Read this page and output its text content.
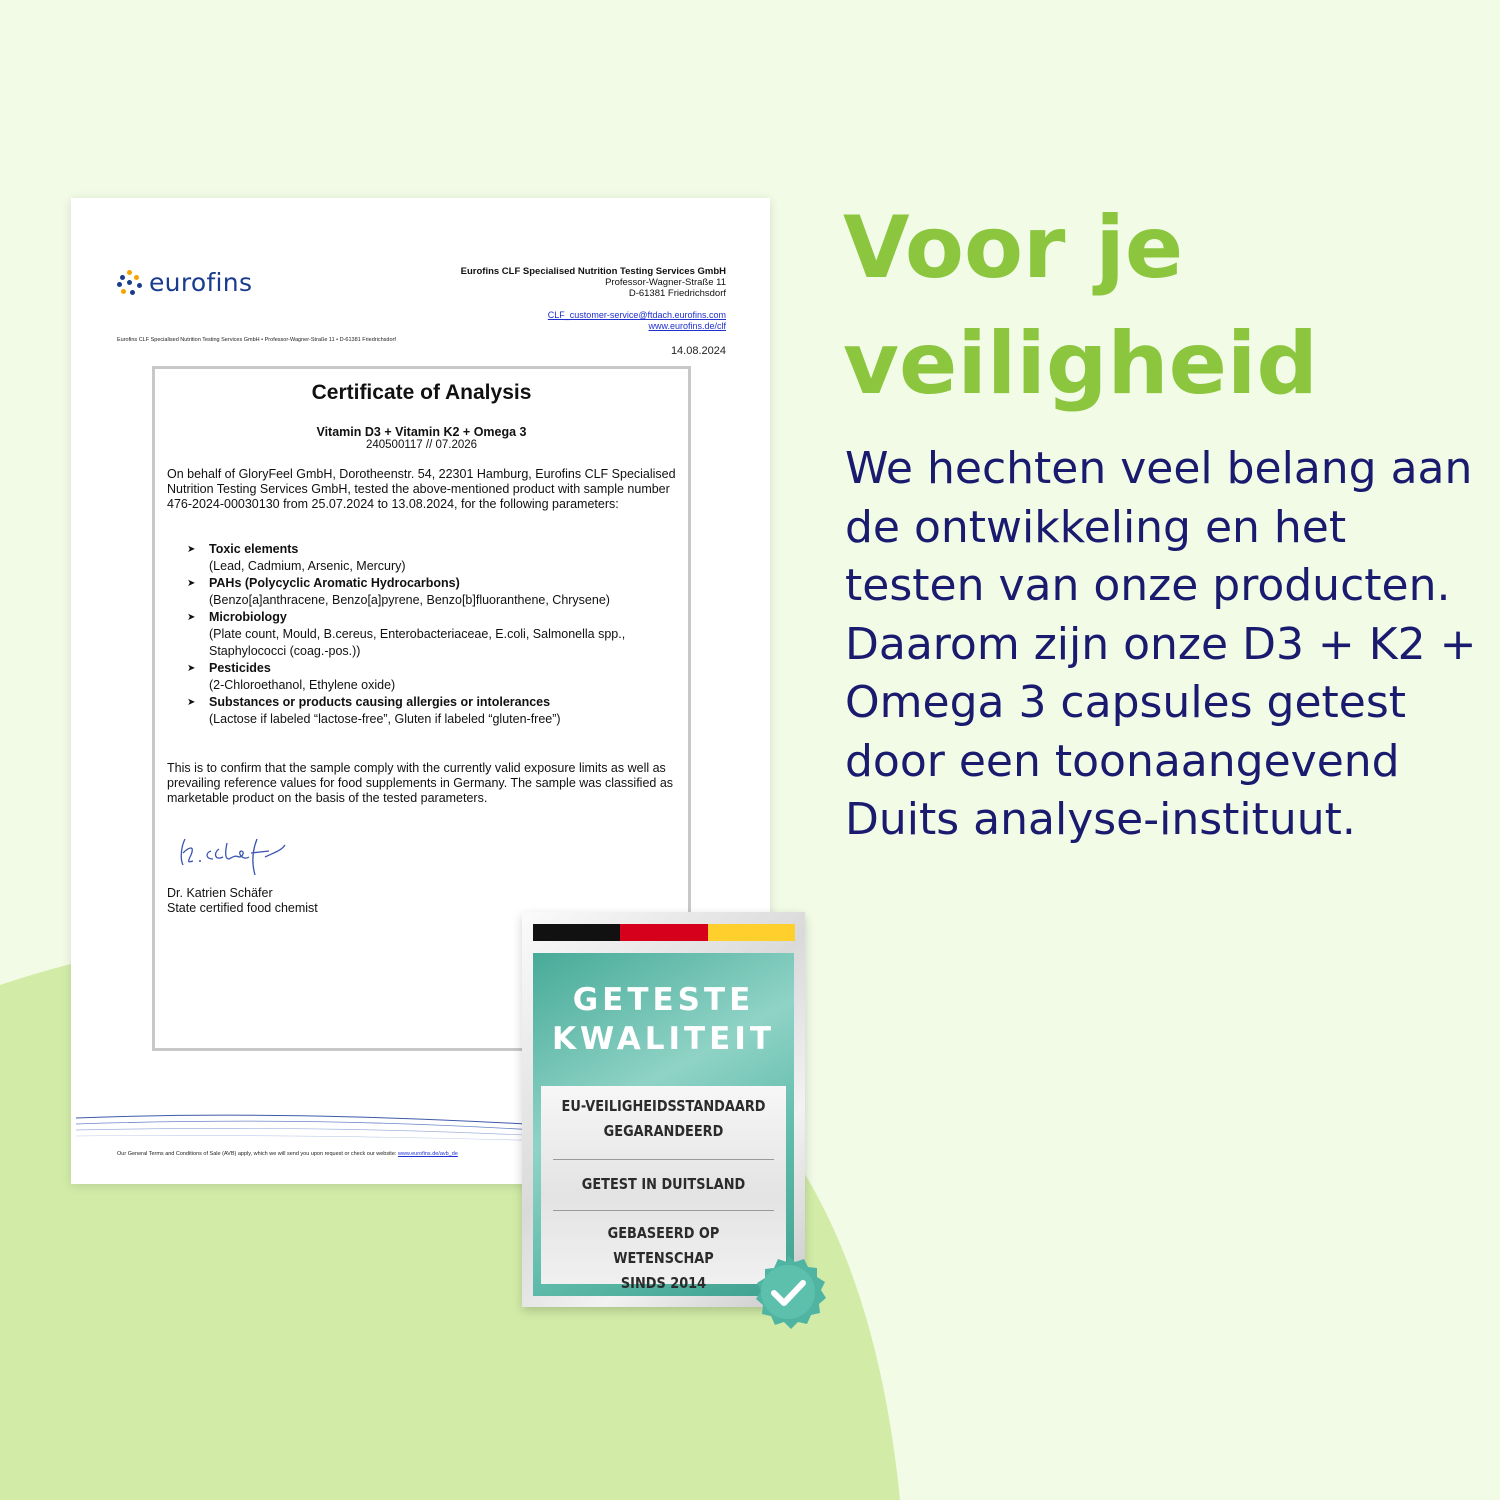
eurofins	Eurofins CLF Specialised Nutrition Testing Services GmbH
Professor-Wagner-Straße 11
D-61381 Friedrichsdorf
CLF_customer-service@ftdach.eurofins.com
www.eurofins.de/clf
Eurofins CLF Specialised Nutrition Testing Services GmbH • Professor-Wagner-Straße 11 • D-61381 Friedrichsdorf
14.08.2024
Certificate of Analysis
Vitamin D3 + Vitamin K2 + Omega 3
240500117 // 07.2026
On behalf of GloryFeel GmbH, Dorotheenstr. 54, 22301 Hamburg, Eurofins CLF Specialised Nutrition Testing Services GmbH, tested the above-mentioned product with sample number 476-2024-00030130 from 25.07.2024 to 13.08.2024, for the following parameters:
➤ Toxic elements
(Lead, Cadmium, Arsenic, Mercury)
➤ PAHs (Polycyclic Aromatic Hydrocarbons)
(Benzo[a]anthracene, Benzo[a]pyrene, Benzo[b]fluoranthene, Chrysene)
➤ Microbiology
(Plate count, Mould, B.cereus, Enterobacteriaceae, E.coli, Salmonella spp., Staphylococci (coag.-pos.))
➤ Pesticides
(2-Chloroethanol, Ethylene oxide)
➤ Substances or products causing allergies or intolerances
(Lactose if labeled “lactose-free”, Gluten if labeled “gluten-free”)
This is to confirm that the sample comply with the currently valid exposure limits as well as prevailing reference values for food supplements in Germany. The sample was classified as marketable product on the basis of the tested parameters.
Dr. Katrien Schäfer
State certified food chemist
Our General Terms and Conditions of Sale (AVB) apply, which we will send you upon request or check our website: www.eurofins.de/avb_de
GETESTE
KWALITEIT
EU-VEILIGHEIDSSTANDAARD
GEGARANDEERD
GETEST IN DUITSLAND
GEBASEERD OP WETENSCHAP
SINDS 2014
Voor je veiligheid

We hechten veel belang aan de ontwikkeling en het testen van onze producten. Daarom zijn onze D3 + K2 + Omega 3 capsules getest door een toonaangevend Duits analyse-instituut.
